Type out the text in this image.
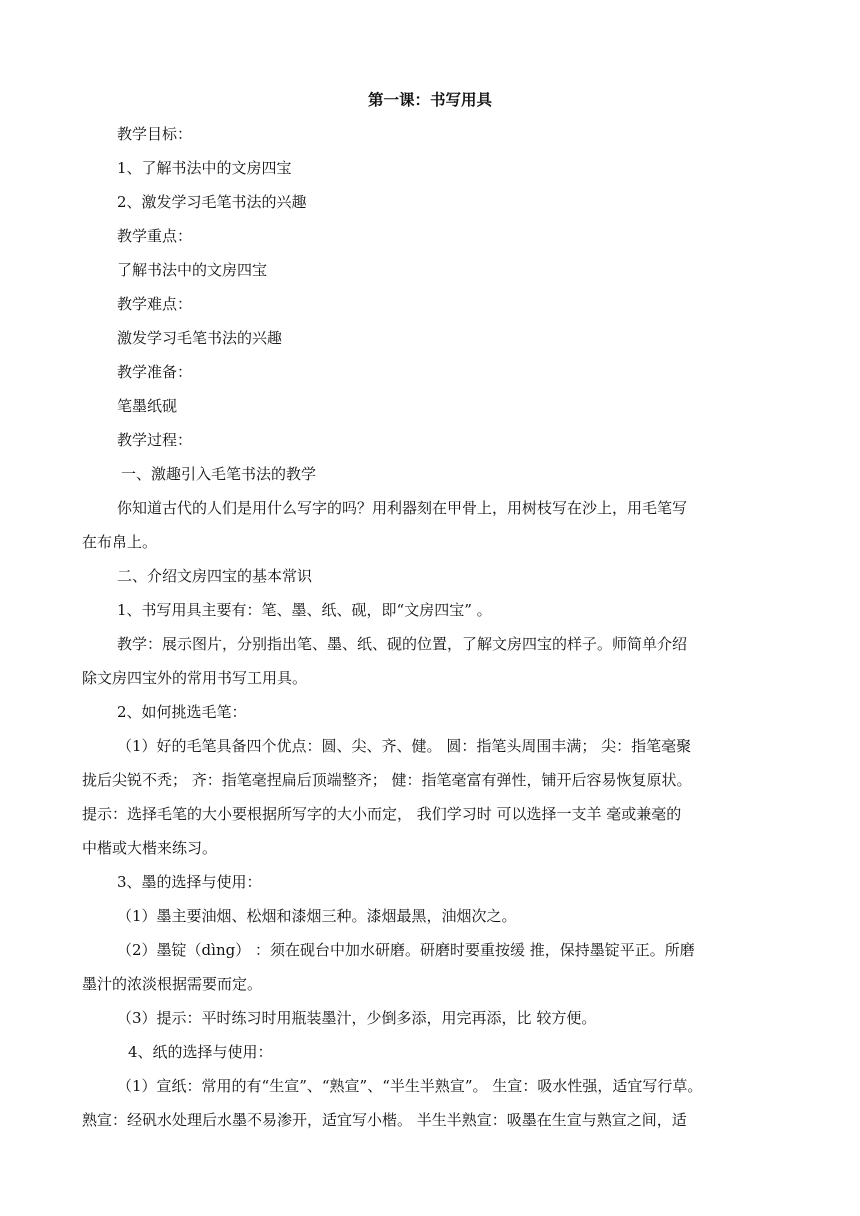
第一课：书写用具
教学目标：
1、了解书法中的文房四宝
2、激发学习毛笔书法的兴趣
教学重点：
了解书法中的文房四宝
教学难点：
激发学习毛笔书法的兴趣
教学准备：
笔墨纸砚
教学过程：
一、激趣引入毛笔书法的教学
你知道古代的人们是用什么写字的吗？用利器刻在甲骨上，用树枝写在沙上，用毛笔写
在布帛上。
二、介绍文房四宝的基本常识
1、书写用具主要有：笔、墨、纸、砚，即“文房四宝” 。
教学：展示图片，分别指出笔、墨、纸、砚的位置，了解文房四宝的样子。师简单介绍
除文房四宝外的常用书写工用具。
2、如何挑选毛笔：
（1）好的毛笔具备四个优点：圆、尖、齐、健。 圆：指笔头周围丰满； 尖：指笔毫聚
拢后尖锐不秃； 齐：指笔毫捏扁后顶端整齐； 健：指笔毫富有弹性，铺开后容易恢复原状。
提示：选择毛笔的大小要根据所写字的大小而定， 我们学习时 可以选择一支羊 毫或兼毫的
中楷或大楷来练习。
3、墨的选择与使用：
（1）墨主要油烟、松烟和漆烟三种。漆烟最黑，油烟次之。
（2）墨锭（dìng） ：须在砚台中加水研磨。研磨时要重按缓 推，保持墨锭平正。所磨
墨汁的浓淡根据需要而定。
（3）提示：平时练习时用瓶装墨汁，少倒多添，用完再添，比 较方便。
4、纸的选择与使用：
（1）宣纸：常用的有“生宣”、“熟宣”、“半生半熟宣”。 生宣：吸水性强，适宜写行草。
熟宣：经矾水处理后水墨不易渗开，适宜写小楷。 半生半熟宣：吸墨在生宣与熟宣之间，适
